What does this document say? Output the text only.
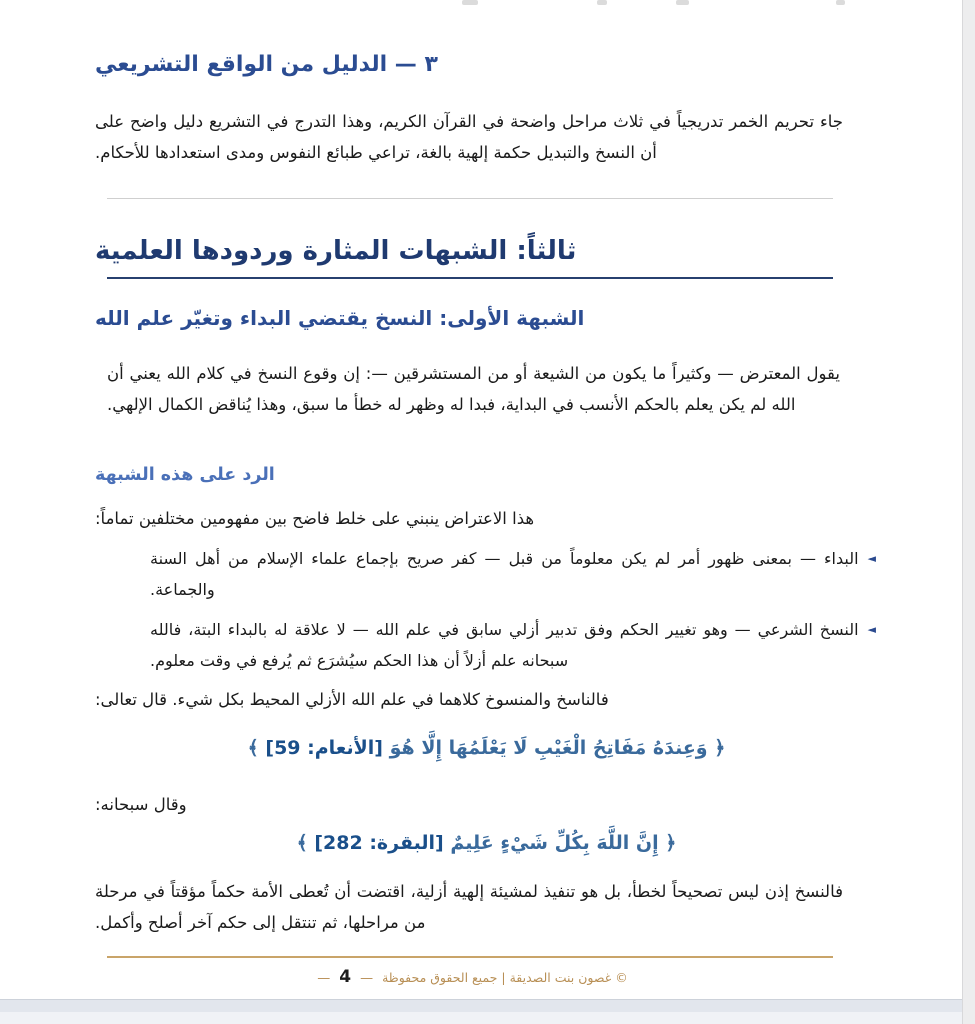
٣ — الدليل من الواقع التشريعي
جاء تحريم الخمر تدريجياً في ثلاث مراحل واضحة في القرآن الكريم، وهذا التدرج في التشريع دليل واضح على أن النسخ والتبديل حكمة إلهية بالغة، تراعي طبائع النفوس ومدى استعدادها للأحكام.
ثالثاً: الشبهات المثارة وردودها العلمية
الشبهة الأولى: النسخ يقتضي البداء وتغيّر علم الله
يقول المعترض — وكثيراً ما يكون من الشيعة أو من المستشرقين —: إن وقوع النسخ في كلام الله يعني أن الله لم يكن يعلم بالحكم الأنسب في البداية، فبدا له وظهر له خطأ ما سبق، وهذا يُناقض الكمال الإلهي.
الرد على هذه الشبهة
هذا الاعتراض ينبني على خلط فاضح بين مفهومين مختلفين تماماً:
◄البداء — بمعنى ظهور أمر لم يكن معلوماً من قبل — كفر صريح بإجماع علماء الإسلام من أهل السنة والجماعة.
◄النسخ الشرعي — وهو تغيير الحكم وفق تدبير أزلي سابق في علم الله — لا علاقة له بالبداء البتة، فالله سبحانه علم أزلاً أن هذا الحكم سيُشرَع ثم يُرفع في وقت معلوم.
فالناسخ والمنسوخ كلاهما في علم الله الأزلي المحيط بكل شيء. قال تعالى:
﴿ وَعِندَهُ مَفَاتِحُ الْغَيْبِ لَا يَعْلَمُهَا إِلَّا هُوَ [الأنعام: 59] ﴾
وقال سبحانه:
﴿ إِنَّ اللَّهَ بِكُلِّ شَيْءٍ عَلِيمٌ [البقرة: 282] ﴾
فالنسخ إذن ليس تصحيحاً لخطأ، بل هو تنفيذ لمشيئة إلهية أزلية، اقتضت أن تُعطى الأمة حكماً مؤقتاً في مرحلة من مراحلها، ثم تنتقل إلى حكم آخر أصلح وأكمل.
© غصون بنت الصديقة | جميع الحقوق محفوظة — 4 —
